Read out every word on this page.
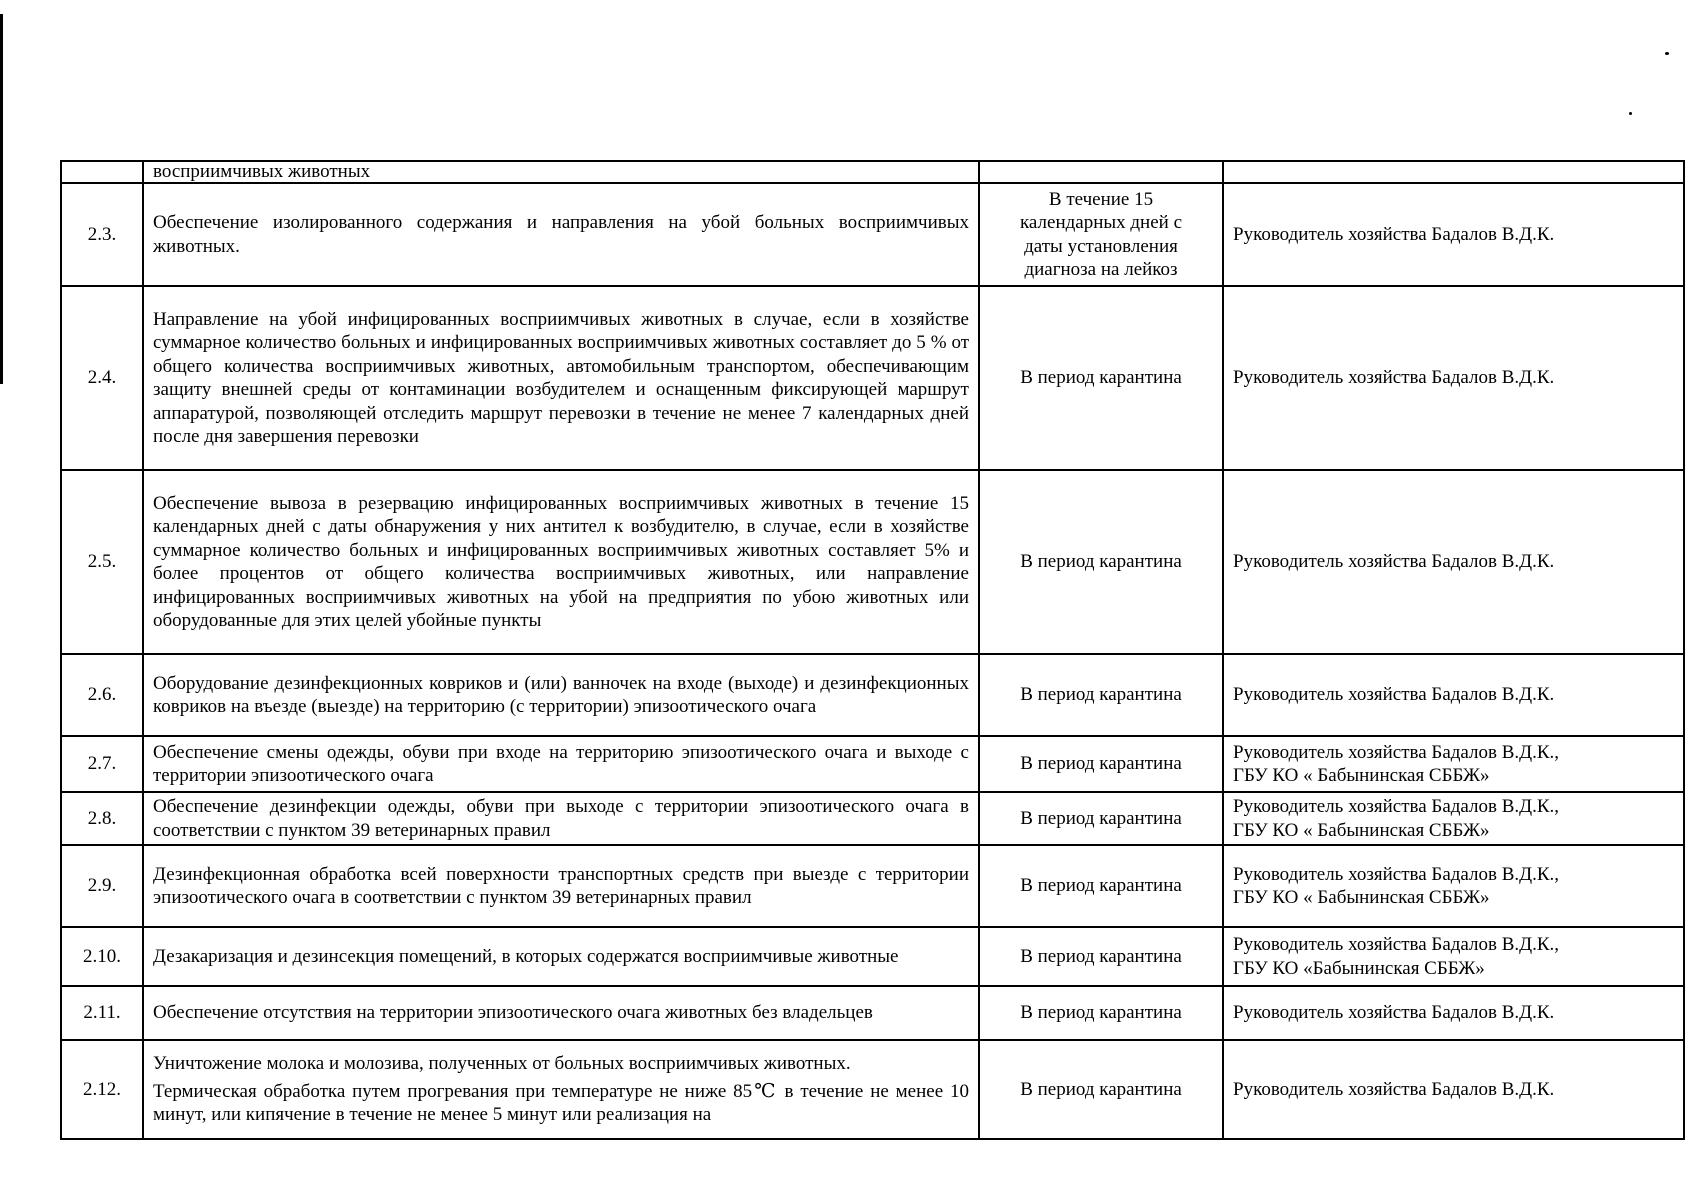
	восприимчивых животных		

2.3.	Обеспечение изолированного содержания и направления на убой больных восприимчивых животных.	В течение 15
календарных дней с
даты установления
диагноза на лейкоз	Руководитель хозяйства Бадалов В.Д.К.

2.4.	Направление на убой инфицированных восприимчивых животных в случае, если в хозяйстве суммарное количество больных и инфицированных восприимчивых животных составляет до 5 % от общего количества восприимчивых животных, автомобильным транспортом, обеспечивающим защиту внешней среды от контаминации возбудителем и оснащенным фиксирующей маршрут аппаратурой, позволяющей отследить маршрут перевозки в течение не менее 7 календарных дней после дня завершения перевозки	В период карантина	Руководитель хозяйства Бадалов В.Д.К.

2.5.	Обеспечение вывоза в резервацию инфицированных восприимчивых животных в течение 15 календарных дней с даты обнаружения у них антител к возбудителю, в случае, если в хозяйстве суммарное количество больных и инфицированных восприимчивых животных составляет 5% и более процентов от общего количества восприимчивых животных, или направление инфицированных восприимчивых животных на убой на предприятия по убою животных или оборудованные для этих целей убойные пункты	В период карантина	Руководитель хозяйства Бадалов В.Д.К.

2.6.	Оборудование дезинфекционных ковриков и (или) ванночек на входе (выходе) и дезинфекционных ковриков на въезде (выезде) на территорию (с территории) эпизоотического очага	В период карантина	Руководитель хозяйства Бадалов В.Д.К.

2.7.	Обеспечение смены одежды, обуви при входе на территорию эпизоотического очага и выходе с территории эпизоотического очага	В период карантина	Руководитель хозяйства Бадалов В.Д.К.,
ГБУ КО « Бабынинская СББЖ»

2.8.	Обеспечение дезинфекции одежды, обуви при выходе с территории эпизоотического очага в соответствии с пунктом 39 ветеринарных правил	В период карантина	Руководитель хозяйства Бадалов В.Д.К.,
ГБУ КО « Бабынинская СББЖ»

2.9.	Дезинфекционная обработка всей поверхности транспортных средств при выезде с территории эпизоотического очага в соответствии с пунктом 39 ветеринарных правил	В период карантина	Руководитель хозяйства Бадалов В.Д.К.,
ГБУ КО « Бабынинская СББЖ»

2.10.	Дезакаризация и дезинсекция помещений, в которых содержатся восприимчивые животные	В период карантина	Руководитель хозяйства Бадалов В.Д.К.,
ГБУ КО «Бабынинская СББЖ»

2.11.	Обеспечение отсутствия на территории эпизоотического очага животных без владельцев	В период карантина	Руководитель хозяйства Бадалов В.Д.К.

2.12.	Уничтожение молока и молозива, полученных от больных восприимчивых животных.
Термическая обработка путем прогревания при температуре не ниже 85℃ в течение не менее 10 минут, или кипячение в течение не менее 5 минут или реализация на	В период карантина	Руководитель хозяйства Бадалов В.Д.К.
